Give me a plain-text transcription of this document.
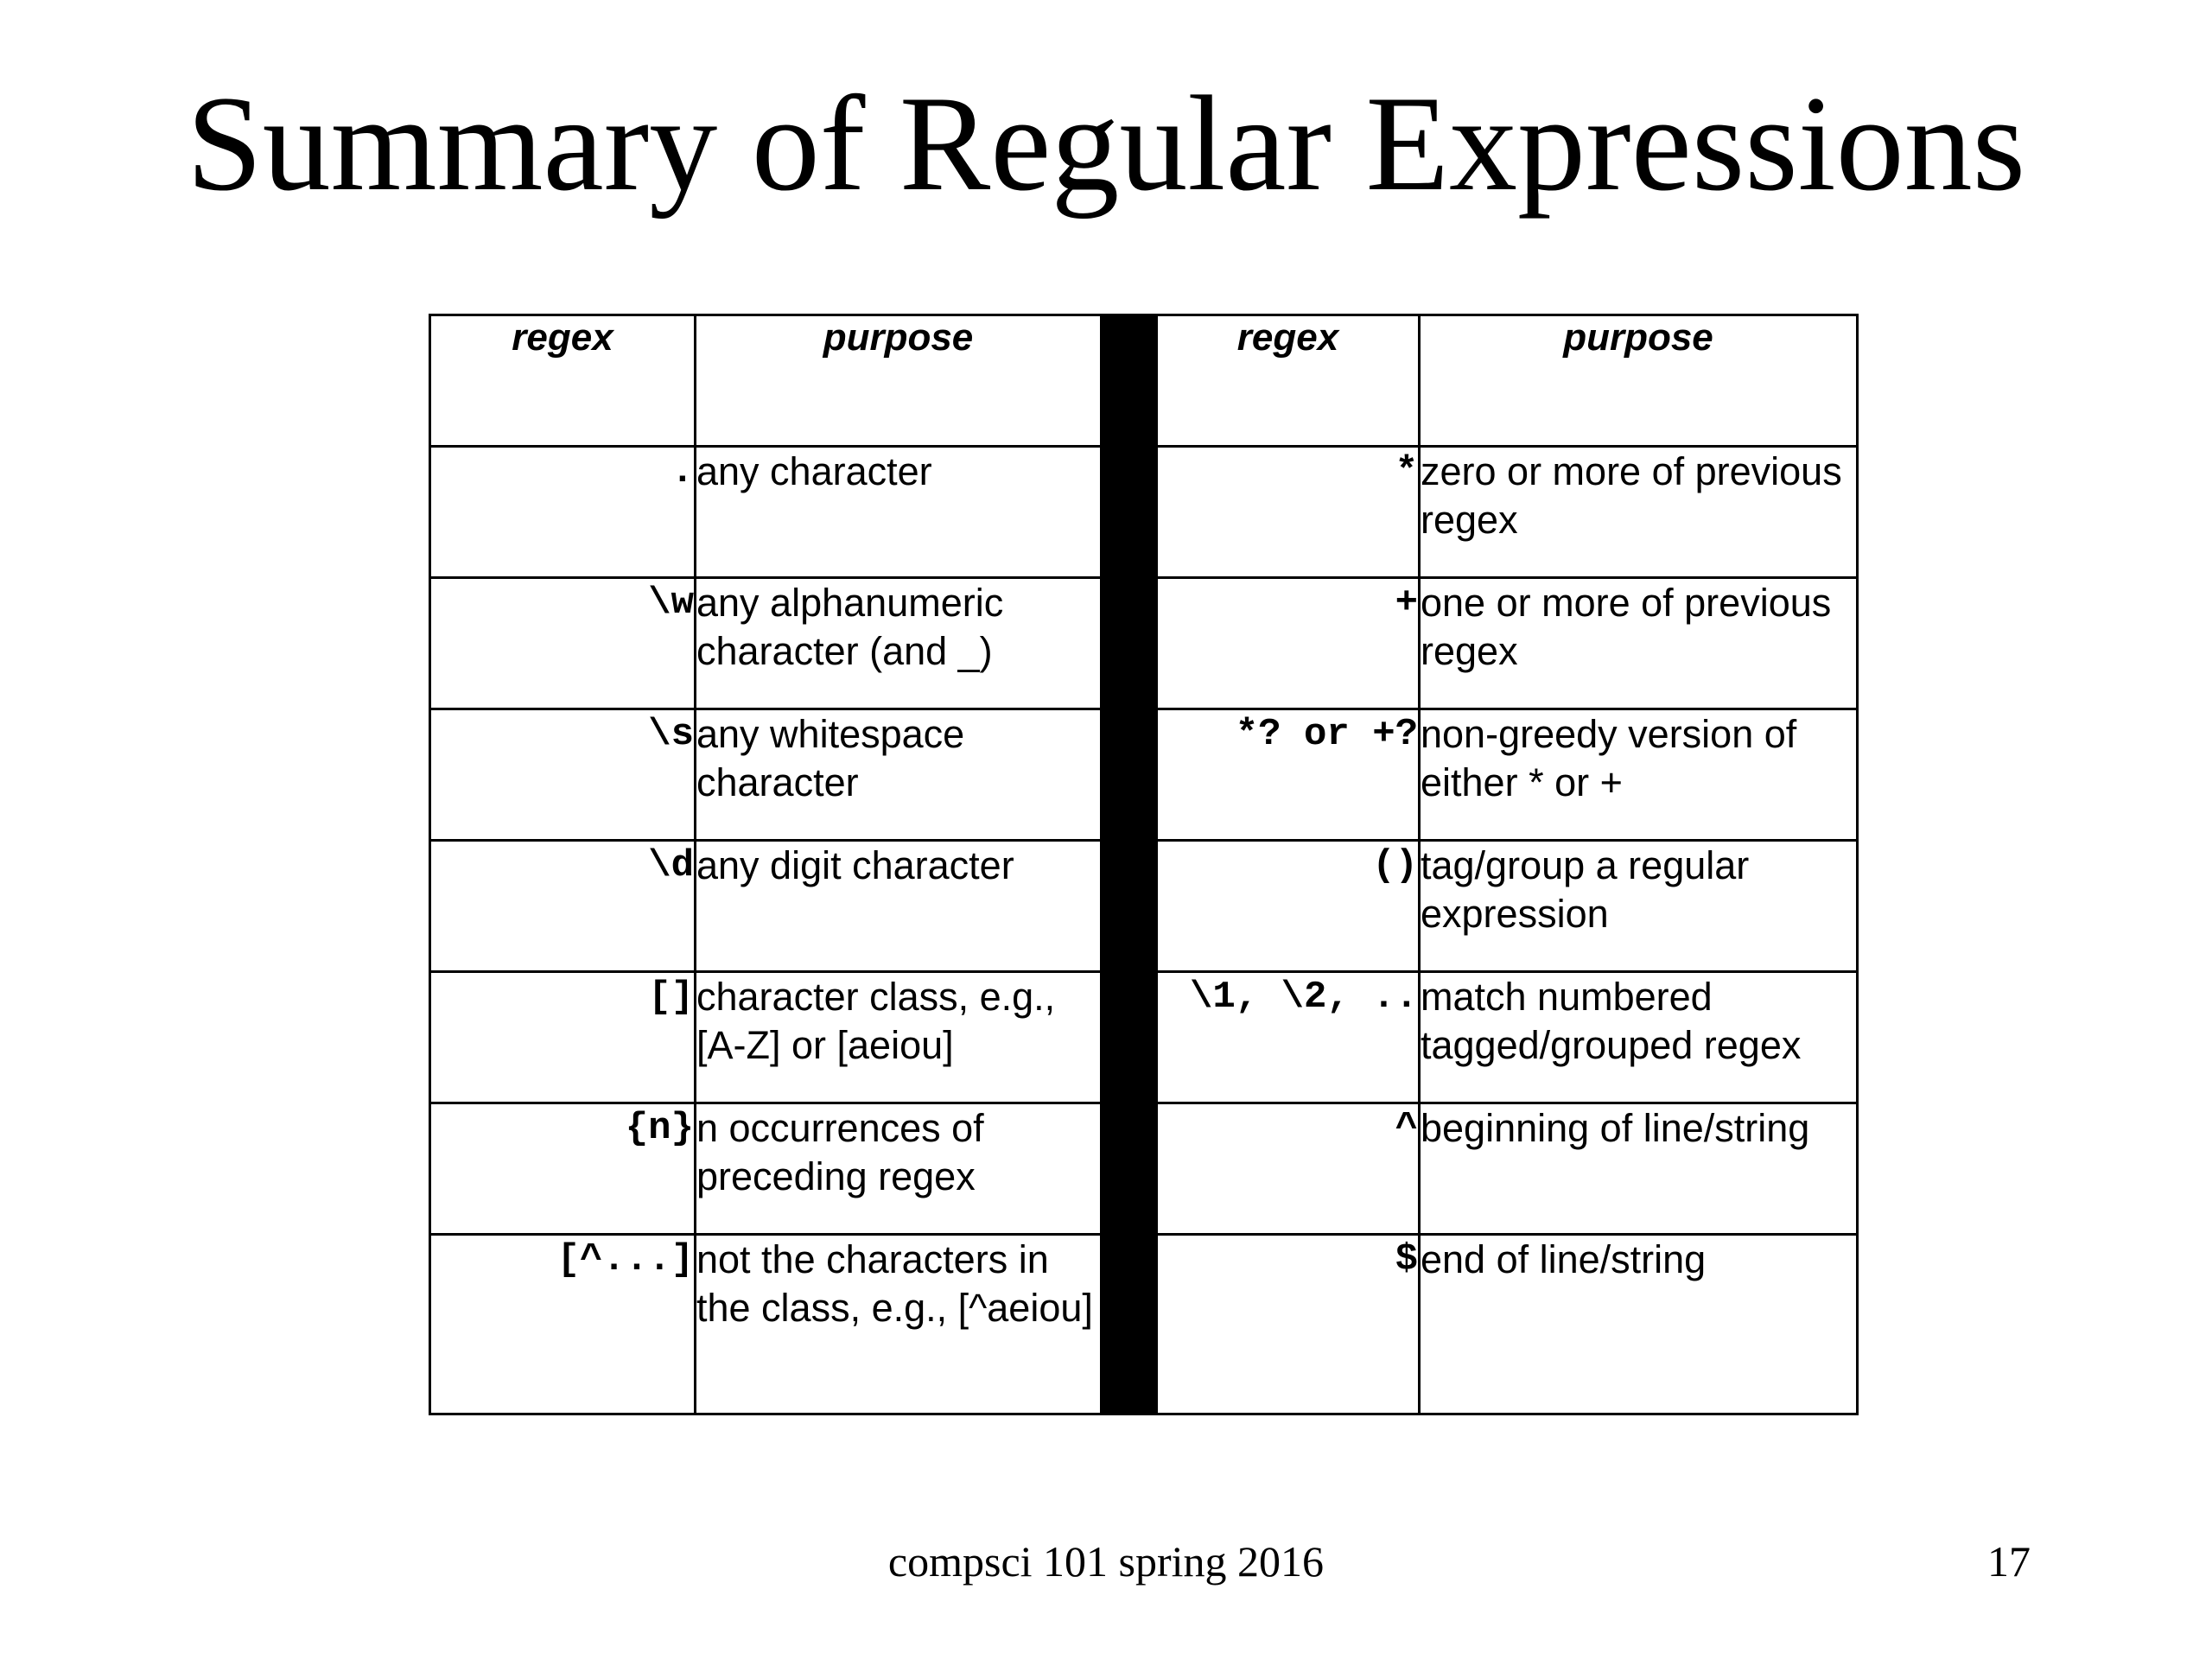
Summary of Regular Expressions
regex	purpose		regex	purpose
.	any character		*	zero or more of previous regex
\w	any alphanumeric character (and _)		+	one or more of previous regex
\s	any whitespace character		*? or +?	non-greedy version of either * or +
\d	any digit character		()	tag/group a regular expression
[]	character class, e.g., [A-Z] or [aeiou]		\1, \2, ..	match numbered tagged/grouped regex
{n}	n occurrences of preceding regex		^	beginning of line/string
[^...]	not the characters in the class, e.g., [^aeiou]		$	end of line/string
compsci 101 spring 2016	17
